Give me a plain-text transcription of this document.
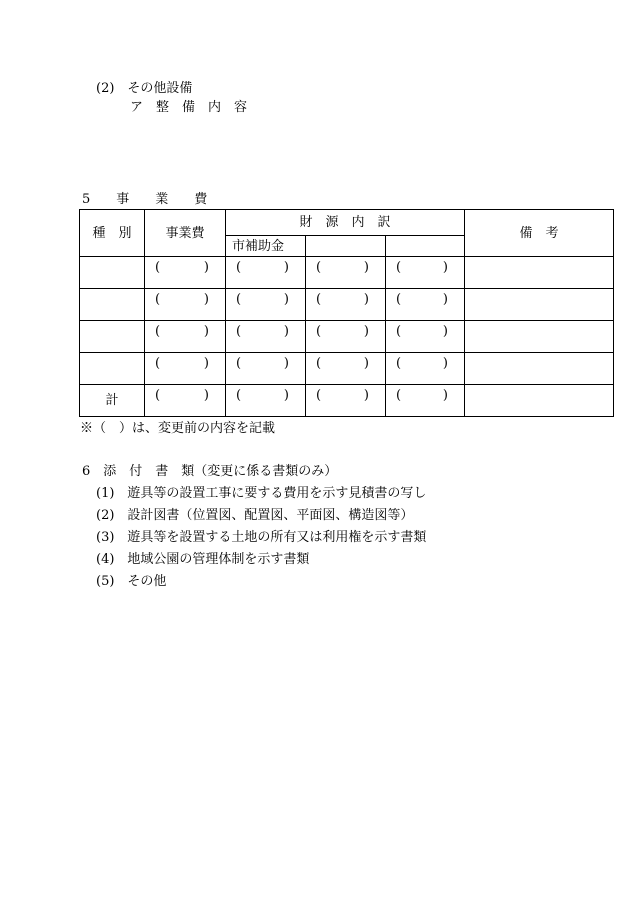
(2)　その他設備
ア　整　備　内　容
5　　事　　業　　費
種　別	事業費	財　源　内　訳			備　考
		市補助金			

	( )	( )	( )	( )	

	( )	( )	( )	( )	

	( )	( )	( )	( )	

	( )	( )	( )	( )	

計	( )	( )	( )	( )	

※（　）は、変更前の内容を記載
6　添　付　書　類（変更に係る書類のみ）
(1)　遊具等の設置工事に要する費用を示す見積書の写し
(2)　設計図書（位置図、配置図、平面図、構造図等）
(3)　遊具等を設置する土地の所有又は利用権を示す書類
(4)　地域公園の管理体制を示す書類
(5)　その他
